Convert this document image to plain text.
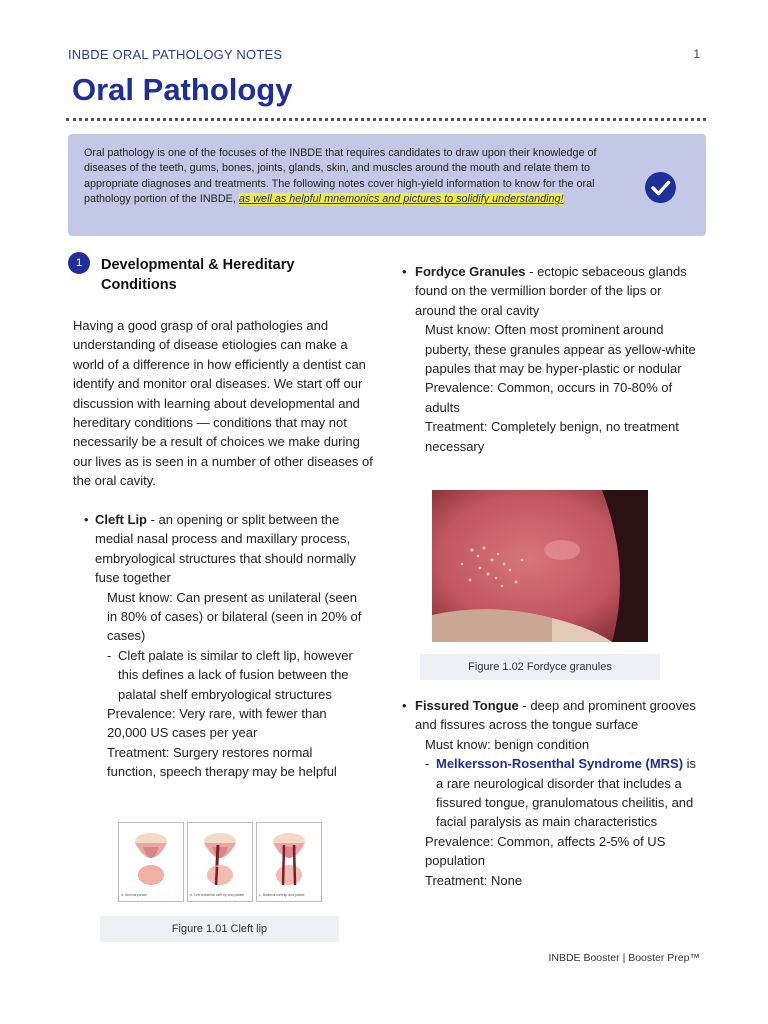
INBDE ORAL PATHOLOGY NOTES	1
Oral Pathology
Oral pathology is one of the focuses of the INBDE that requires candidates to draw upon their knowledge of diseases of the teeth, gums, bones, joints, glands, skin, and muscles around the mouth and relate them to appropriate diagnoses and treatments. The following notes cover high-yield information to know for the oral pathology portion of the INBDE, as well as helpful mnemonics and pictures to solidify understanding!
1	Developmental & Hereditary Conditions
Having a good grasp of oral pathologies and understanding of disease etiologies can make a world of a difference in how efficiently a dentist can identify and monitor oral diseases. We start off our discussion with learning about developmental and hereditary conditions — conditions that may not necessarily be a result of choices we make during our lives as is seen in a number of other diseases of the oral cavity.
• Cleft Lip - an opening or split between the medial nasal process and maxillary process, embryological structures that should normally fuse together
Must know: Can present as unilateral (seen in 80% of cases) or bilateral (seen in 20% of cases)
- Cleft palate is similar to cleft lip, however this defines a lack of fusion between the palatal shelf embryological structures
Prevalence: Very rare, with fewer than 20,000 US cases per year
Treatment: Surgery restores normal function, speech therapy may be helpful
a. Normal palate	b. Left unilateral cleft lip and palate	c. Bilateral cleft lip and palate
Figure 1.01 Cleft lip
• Fordyce Granules - ectopic sebaceous glands found on the vermillion border of the lips or around the oral cavity
Must know: Often most prominent around puberty, these granules appear as yellow-white papules that may be hyper-plastic or nodular
Prevalence: Common, occurs in 70-80% of adults
Treatment: Completely benign, no treatment necessary
Figure 1.02 Fordyce granules
• Fissured Tongue - deep and prominent grooves and fissures across the tongue surface
Must know: benign condition
- Melkersson-Rosenthal Syndrome (MRS) is a rare neurological disorder that includes a fissured tongue, granulomatous cheilitis, and facial paralysis as main characteristics
Prevalence: Common, affects 2-5% of US population
Treatment: None
INBDE Booster | Booster Prep™
